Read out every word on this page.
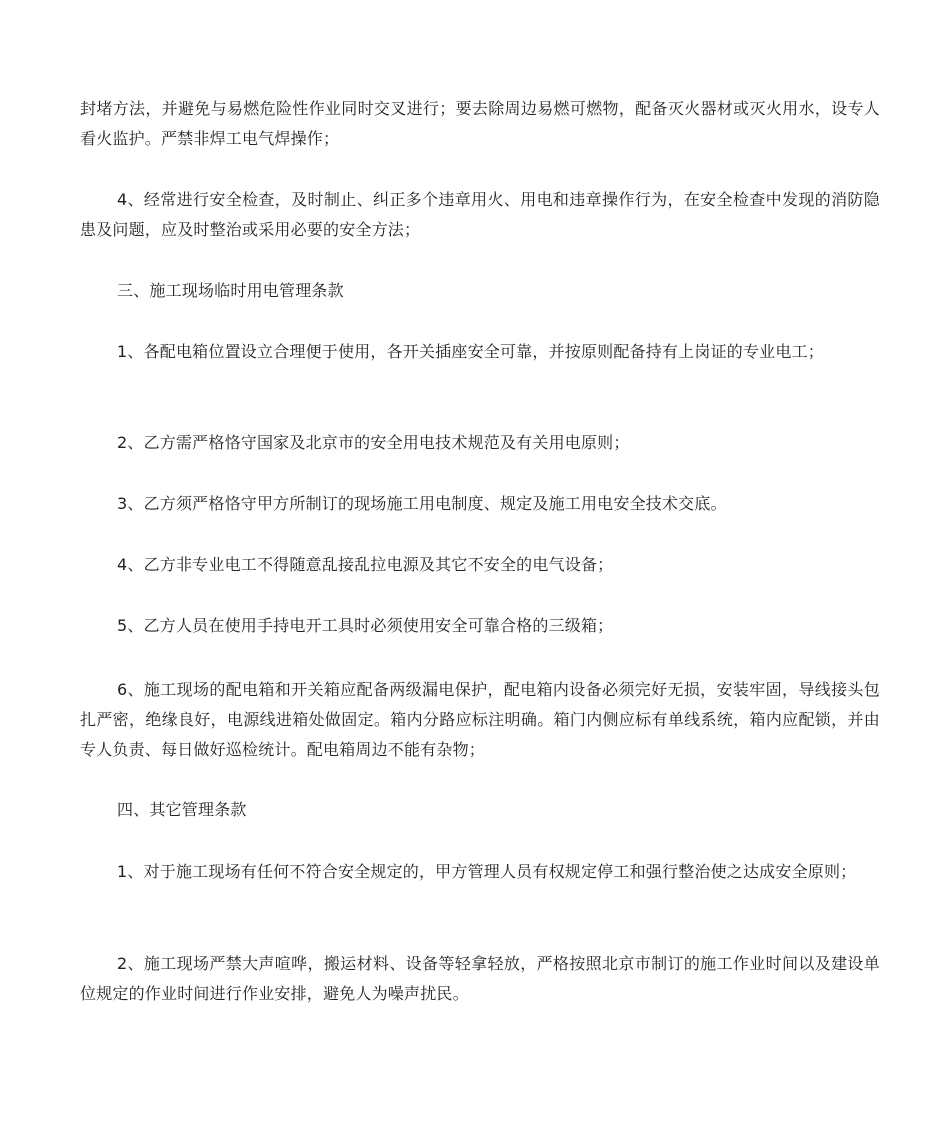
封堵方法，并避免与易燃危险性作业同时交叉进行；要去除周边易燃可燃物，配备灭火器材或灭火用水，设专人看火监护。严禁非焊工电气焊操作；

4、经常进行安全检查，及时制止、纠正多个违章用火、用电和违章操作行为，在安全检查中发现的消防隐患及问题，应及时整治或采用必要的安全方法；

三、施工现场临时用电管理条款

1、各配电箱位置设立合理便于使用，各开关插座安全可靠，并按原则配备持有上岗证的专业电工；

2、乙方需严格恪守国家及北京市的安全用电技术规范及有关用电原则；

3、乙方须严格恪守甲方所制订的现场施工用电制度、规定及施工用电安全技术交底。

4、乙方非专业电工不得随意乱接乱拉电源及其它不安全的电气设备；

5、乙方人员在使用手持电开工具时必须使用安全可靠合格的三级箱；

6、施工现场的配电箱和开关箱应配备两级漏电保护，配电箱内设备必须完好无损，安装牢固，导线接头包扎严密，绝缘良好，电源线进箱处做固定。箱内分路应标注明确。箱门内侧应标有单线系统，箱内应配锁，并由专人负责、每日做好巡检统计。配电箱周边不能有杂物；

四、其它管理条款

1、对于施工现场有任何不符合安全规定的，甲方管理人员有权规定停工和强行整治使之达成安全原则；

2、施工现场严禁大声喧哗，搬运材料、设备等轻拿轻放，严格按照北京市制订的施工作业时间以及建设单位规定的作业时间进行作业安排，避免人为噪声扰民。
